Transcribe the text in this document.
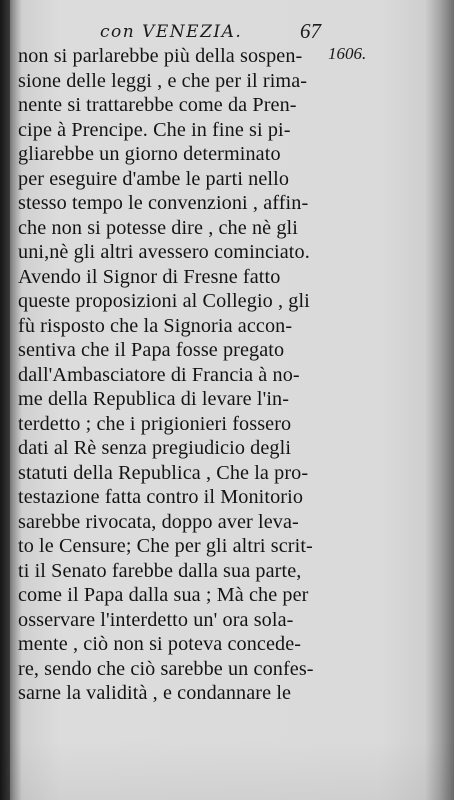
con VENEZIA.	67
1606.
non si parlarebbe più della sospen-
sione delle leggi , e che per il rima-
nente si trattarebbe come da Pren-
cipe à Prencipe. Che in fine si pi-
gliarebbe un giorno determinato
per eseguire d'ambe le parti nello
stesso tempo le convenzioni , affin-
che non si potesse dire , che nè gli
uni,nè gli altri avessero cominciato.
Avendo il Signor di Fresne fatto
queste proposizioni al Collegio , gli
fù risposto che la Signoria accon-
sentiva che il Papa fosse pregato
dall'Ambasciatore di Francia à no-
me della Republica di levare l'in-
terdetto ; che i prigionieri fossero
dati al Rè senza pregiudicio degli
statuti della Republica , Che la pro-
testazione fatta contro il Monitorio
sarebbe rivocata, doppo aver leva-
to le Censure; Che per gli altri scrit-
ti il Senato farebbe dalla sua parte,
come il Papa dalla sua ; Mà che per
osservare l'interdetto un' ora sola-
mente , ciò non si poteva concede-
re, sendo che ciò sarebbe un confes-
sarne la validità , e condannare le
